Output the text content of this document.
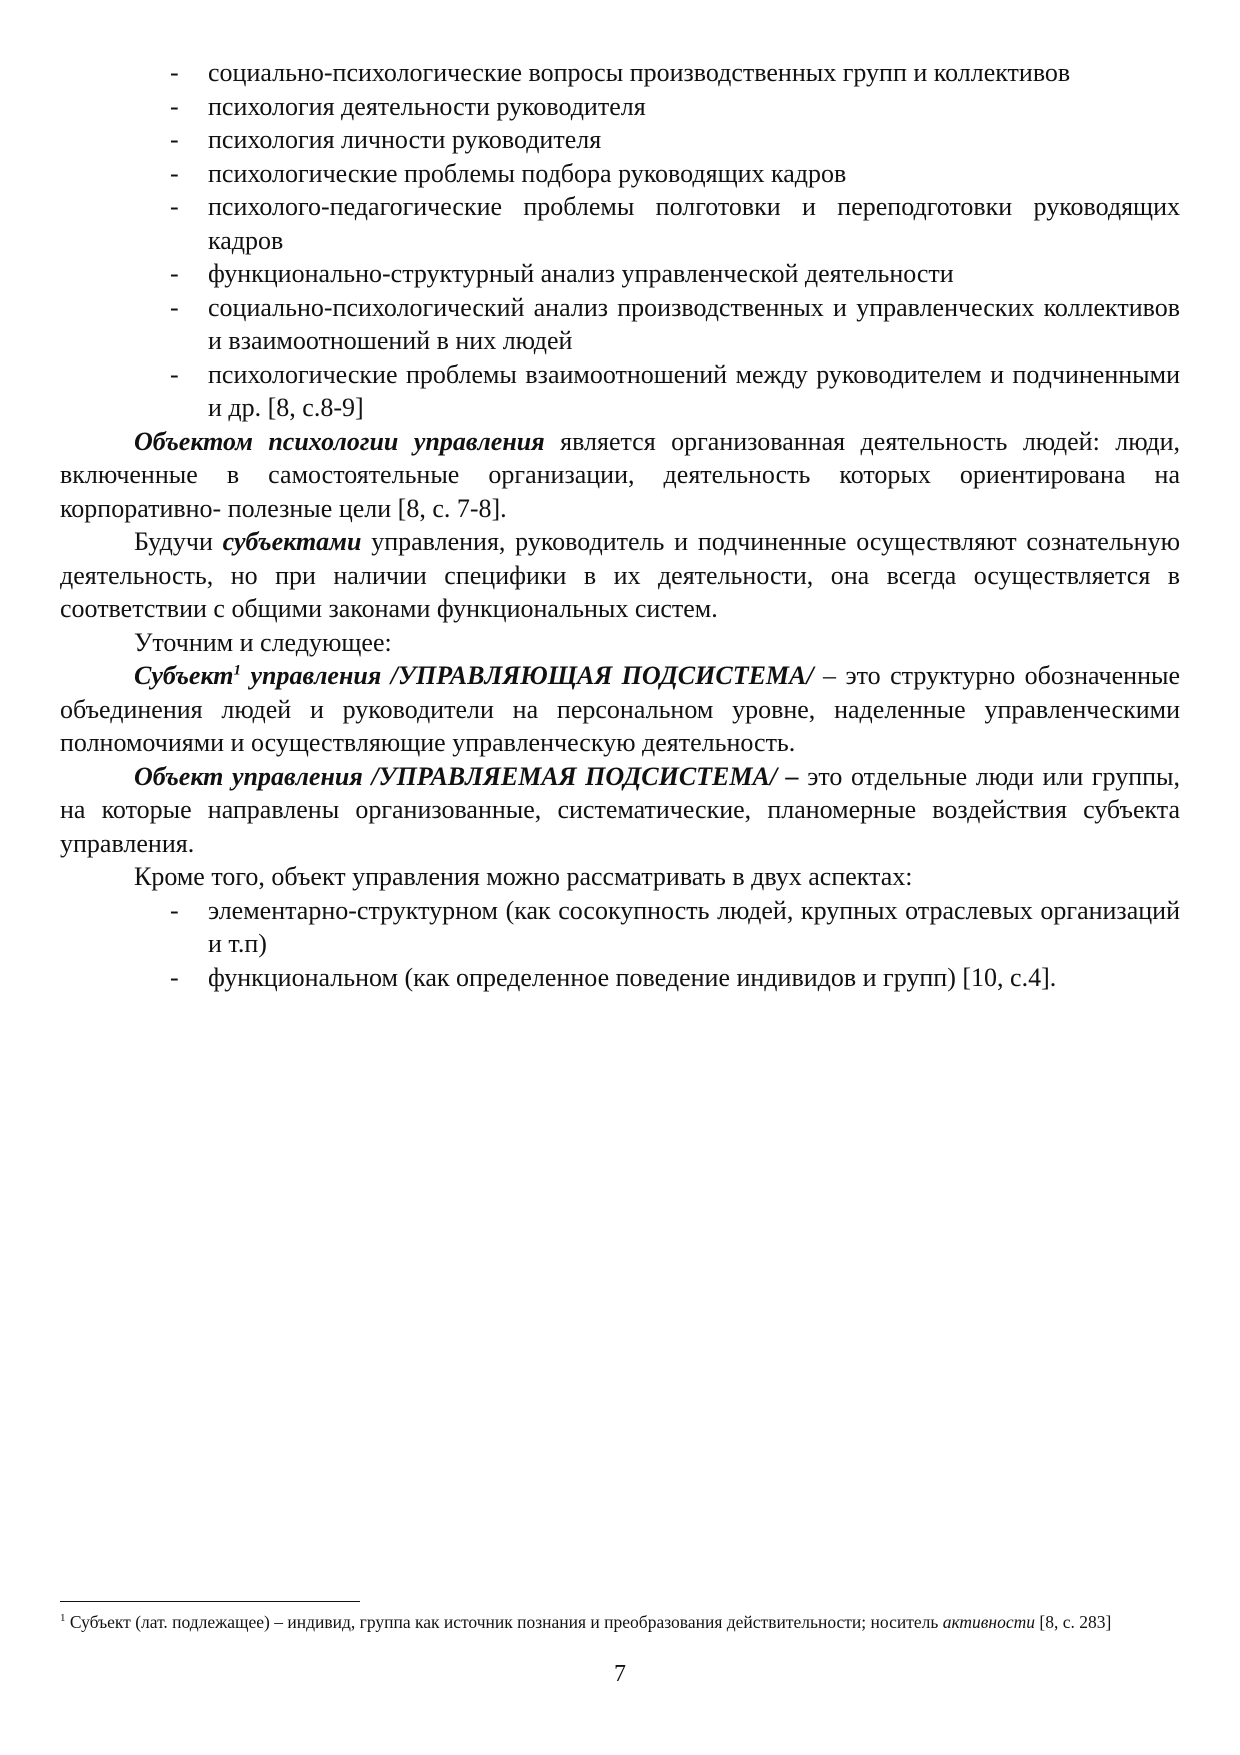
- социально-психологические вопросы производственных групп и коллективов
- психология деятельности руководителя
- психология личности руководителя
- психологические проблемы подбора руководящих кадров
- психолого-педагогические проблемы полготовки и переподготовки руководящих кадров
- функционально-структурный анализ управленческой деятельности
- социально-психологический анализ производственных и управленческих коллективов и взаимоотношений в них людей
- психологические проблемы взаимоотношений между руководителем и подчиненными и др. [8, с.8-9]

Объектом психологии управления является организованная деятельность людей: люди, включенные в самостоятельные организации, деятельность которых ориентирована на корпоративно- полезные цели [8, с. 7-8].

Будучи субъектами управления, руководитель и подчиненные осуществляют сознательную деятельность, но при наличии специфики в их деятельности, она всегда осуществляется в соответствии с общими законами функциональных систем.

Уточним и следующее:

Субъект$^1$ управления /УПРАВЛЯЮЩАЯ ПОДСИСТЕМА/ – это структурно обозначенные объединения людей и руководители на персональном уровне, наделенные управленческими полномочиями и осуществляющие управленческую деятельность.

Объект управления /УПРАВЛЯЕМАЯ ПОДСИСТЕМА/ – это отдельные люди или группы, на которые направлены организованные, систематические, планомерные воздействия субъекта управления.

Кроме того, объект управления можно рассматривать в двух аспектах:

- элементарно-структурном (как сосокупность людей, крупных отраслевых организаций и т.п)
- функциональном (как определенное поведение индивидов и групп) [10, с.4].
$^1$ Субъект (лат. подлежащее) – индивид, группа как источник познания и преобразования действительности; носитель активности [8, с. 283]
7
